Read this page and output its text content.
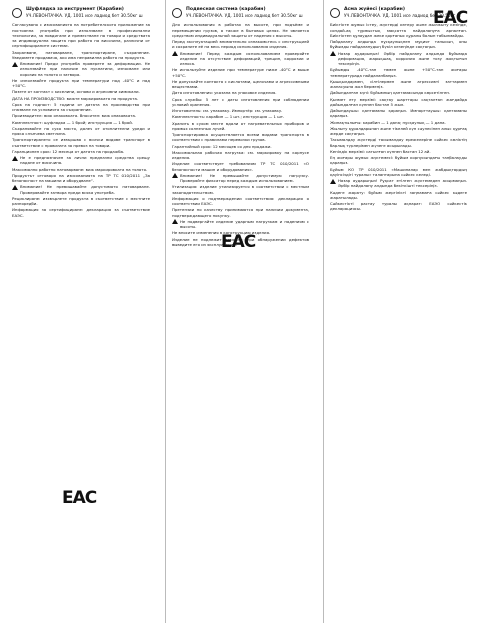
Шуфлядка за инструмент (Карабин)
УЧ.ЛЕВОНТАЧКА. УД. 1001 исе ладиод бет 30.50кг ш
Сагласувано с изискванията на потребителското приложение за постоянна употреба при използване в професионални технологии, за повдигане и преместване на товари и средствата за индивидуална защита при работа на височина, различни от сертифицираните системи.
Захранване, натоварване, транспортиране, съхранение. Уведомете продавача, ако има неправилна работа на продукта.
Внимание! Преди употреба проверете за деформации. Не използвайте при наличие на пукнатини, износване или корозия на тялото и затвора.
Не използвайте продукта при температури под -40°C и над +50°C.
Пазете от контакт с киселини, основи и агресивни химикали.
ДАТА НА ПРОИЗВОДСТВО: вижте маркировката на продукта.
Срок на годност: 5 години от датата на производство при спазване на условията за съхранение.
Производител: виж опаковката. Вносител: виж опаковката.
Комплектност: шуфлядка — 1 брой; инструкция — 1 брой.
Съхранявайте на сухо място, далеч от отоплителни уреди и пряка слънчева светлина.
Транспортирането се извършва с всички видове транспорт в съответствие с правилата за превоз на товари.
Гаранционен срок: 12 месеца от датата на продажба.
Не е предназначен за лични предпазни средства срещу падане от височина.
Максимално работно натоварване: виж маркировката на тялото.
Продуктът отговаря на изискванията на ТР ТС 010/2011 „За безопасност на машини и оборудване“.
Внимание! Не превишавайте допустимото натоварване. Проверявайте затвора преди всяка употреба.
Рециклиране: изхвърлете продукта в съответствие с местните разпоредби.
Информация за сертифициране: декларация за съответствие ЕАЭС.
Подвесная система (карабин)
УЧ.ЛЕВОНТАЧКА. УД. 1001 исе ладиод бет 30.50кг ш
Для использования в работах на высоте, при подъёме и перемещении грузов, а также в бытовых целях. Не является средством индивидуальной защиты от падения с высоты.
Перед эксплуатацией внимательно ознакомьтесь с инструкцией и сохраните её на весь период использования изделия.
Внимание! Перед каждым использованием проверяйте изделие на отсутствие деформаций, трещин, коррозии и износа.
Не используйте изделие при температуре ниже -40°C и выше +50°C.
Не допускайте контакта с кислотами, щелочами и агрессивными веществами.
Дата изготовления: указана на упаковке изделия.
Срок службы: 5 лет с даты изготовления при соблюдении условий хранения.
Изготовитель: см. упаковку. Импортёр: см. упаковку.
Комплектность: карабин — 1 шт.; инструкция — 1 шт.
Хранить в сухом месте вдали от нагревательных приборов и прямых солнечных лучей.
Транспортировка осуществляется всеми видами транспорта в соответствии с правилами перевозки грузов.
Гарантийный срок: 12 месяцев со дня продажи.
Максимальная рабочая нагрузка: см. маркировку на корпусе изделия.
Изделие соответствует требованиям ТР ТС 010/2011 «О безопасности машин и оборудования».
Внимание! Не превышайте допустимую нагрузку. Проверяйте фиксатор перед каждым использованием.
Утилизация: изделие утилизируется в соответствии с местным законодательством.
Информация о подтверждении соответствия: декларация о соответствии ЕАЭС.
Претензии по качеству принимаются при наличии документа, подтверждающего покупку.
Не подвергайте изделие ударным нагрузкам и падениям с высоты.
Не вносите изменения в конструкцию изделия.
Изделие не подлежит ремонту; при обнаружении дефектов выведите его из эксплуатации.
Асма жүйесі (карабин)
УЧ.ЛЕВОНТАЧКА. УД. 1001 исе ладиод бет 30.50кг ш
Биіктікте жұмыс істеу, жүктерді көтеру және жылжыту кезінде, сондай-ақ тұрмыстық мақсатта пайдалануға арналған. Биіктіктен құлаудан жеке қорғаныс құралы болып табылмайды.
Пайдалану алдында нұсқаулықпен мұқият танысып, оны бұйымды пайдаланудың бүкіл кезеңінде сақтаңыз.
Назар аударыңыз! Әрбір пайдалану алдында бұйымда деформация, жарықшақ, коррозия және тозу жоқтығын тексеріңіз.
Бұйымды -40°C-тан төмен және +50°C-тан жоғары температурада пайдаланбаңыз.
Қышқылдармен, сілтілермен және агрессивті заттармен жанасуына жол бермеңіз.
Дайындалған күні: бұйымның қаптамасында көрсетілген.
Қызмет ету мерзімі: сақтау шарттары сақталған жағдайда дайындалған күннен бастап 5 жыл.
Дайындаушы: қаптаманы қараңыз. Импорттаушы: қаптаманы қараңыз.
Жинақтылығы: карабин — 1 дана; нұсқаулық — 1 дана.
Жылыту құралдарынан және тікелей күн сәулесінен алыс құрғақ жерде сақтаңыз.
Тасымалдау жүктерді тасымалдау ережелеріне сәйкес көліктің барлық түрлерімен жүзеге асырылады.
Кепілдік мерзімі: сатылған күннен бастап 12 ай.
Ең жоғары жұмыс жүктемесі: бұйым корпусындағы таңбалауды қараңыз.
Бұйым КО ТР 010/2011 «Машиналар мен жабдықтардың қауіпсіздігі туралы» талаптарына сәйкес келеді.
Назар аударыңыз! Рұқсат етілген жүктемеден асырмаңыз. Әрбір пайдалану алдында бекіткішті тексеріңіз.
Кәдеге жарату: бұйым жергілікті заңнамаға сәйкес кәдеге жаратылады.
Сәйкестікті растау туралы ақпарат: ЕАЭО сәйкестік декларациясы.
EAC
EAC
EAC
